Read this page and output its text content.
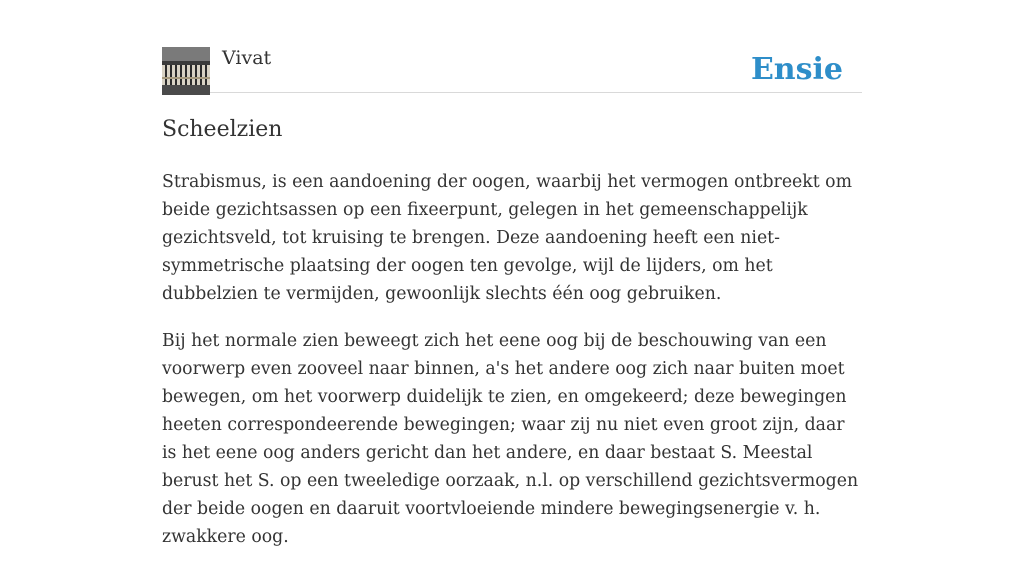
Vivat	Ensie
Scheelzien

Strabismus, is een aandoening der oogen, waarbij het vermogen ontbreekt om beide gezichtsassen op een fixeerpunt, gelegen in het gemeenschappelijk gezichtsveld, tot kruising te brengen. Deze aandoening heeft een niet-symmetrische plaatsing der oogen ten gevolge, wijl de lijders, om het dubbelzien te vermijden, gewoonlijk slechts één oog gebruiken.

Bij het normale zien beweegt zich het eene oog bij de beschouwing van een voorwerp even zooveel naar binnen, a's het andere oog zich naar buiten moet bewegen, om het voorwerp duidelijk te zien, en omgekeerd; deze bewegingen heeten correspondeerende bewegingen; waar zij nu niet even groot zijn, daar is het eene oog anders gericht dan het andere, en daar bestaat S. Meestal berust het S. op een tweeledige oorzaak, n.l. op verschillend gezichtsvermogen der beide oogen en daaruit voortvloeiende mindere bewegingsenergie v. h. zwakkere oog.
